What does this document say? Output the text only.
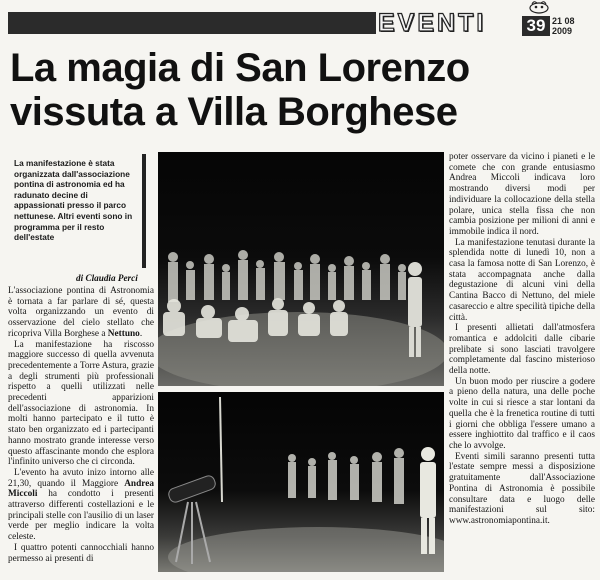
EVENTI	39 21 08
2009
La magia di San Lorenzo
vissuta a Villa Borghese
La manifestazione è stata organizzata dall'associazione pontina di astronomia ed ha radunato decine di appassionati presso il parco nettunese. Altri eventi sono in programma per il resto dell'estate
di Claudia Perci

L'associazione pontina di Astronomia è tornata a far parlare di sé, questa volta organizzando un evento di osservazione del cielo stellato che ricopriva Villa Borghese a Nettuno.

La manifestazione ha riscosso maggiore successo di quella avvenuta precedentemente a Torre Astura, grazie a degli strumenti più professionali rispetto a quelli utilizzati nelle precedenti apparizioni dell'associazione di astronomia. In molti hanno partecipato e il tutto è stato ben organizzato ed i partecipanti hanno mostrato grande interesse verso questo affascinante mondo che esplora l'infinito universo che ci circonda.

L'evento ha avuto inizo intorno alle 21,30, quando il Maggiore Andrea Miccoli ha condotto i presenti attraverso differenti costellazioni e le principali stelle con l'ausilio di un laser verde per meglio indicare la volta celeste.

I quattro potenti cannocchiali hanno permesso ai presenti di

poter osservare da vicino i pianeti e le comete che con grande entusiasmo Andrea Miccoli indicava loro mostrando diversi modi per individuare la collocazione della stella polare, unica stella fissa che non cambia posizione per milioni di anni e immobile indica il nord.

La manifestazione tenutasi durante la splendida notte di lunedì 10, non a casa la famosa notte di San Lorenzo, è stata accompagnata anche dalla degustazione di alcuni vini della Cantina Bacco di Nettuno, del miele casareccio e altre specilità tipiche della città.

I presenti allietati dall'atmosfera romantica e addolciti dalle cibarie prelibate si sono lasciati travolgere completamente dal fascino misterioso della notte.

Un buon modo per riuscire a godere a pieno della natura, una delle poche volte in cui si riesce a star lontani da quella che è la frenetica routine di tutti i giorni che obbliga l'essere umano a essere inghiottito dal traffico e il caos che lo avvolge.

Eventi simili saranno presenti tutta l'estate sempre messi a disposizione gratuitamente dall'Associazione Pontina di Astronomia è possibile consultare data e luogo delle manifestazioni sul sito: www.astronomiapontina.it.
